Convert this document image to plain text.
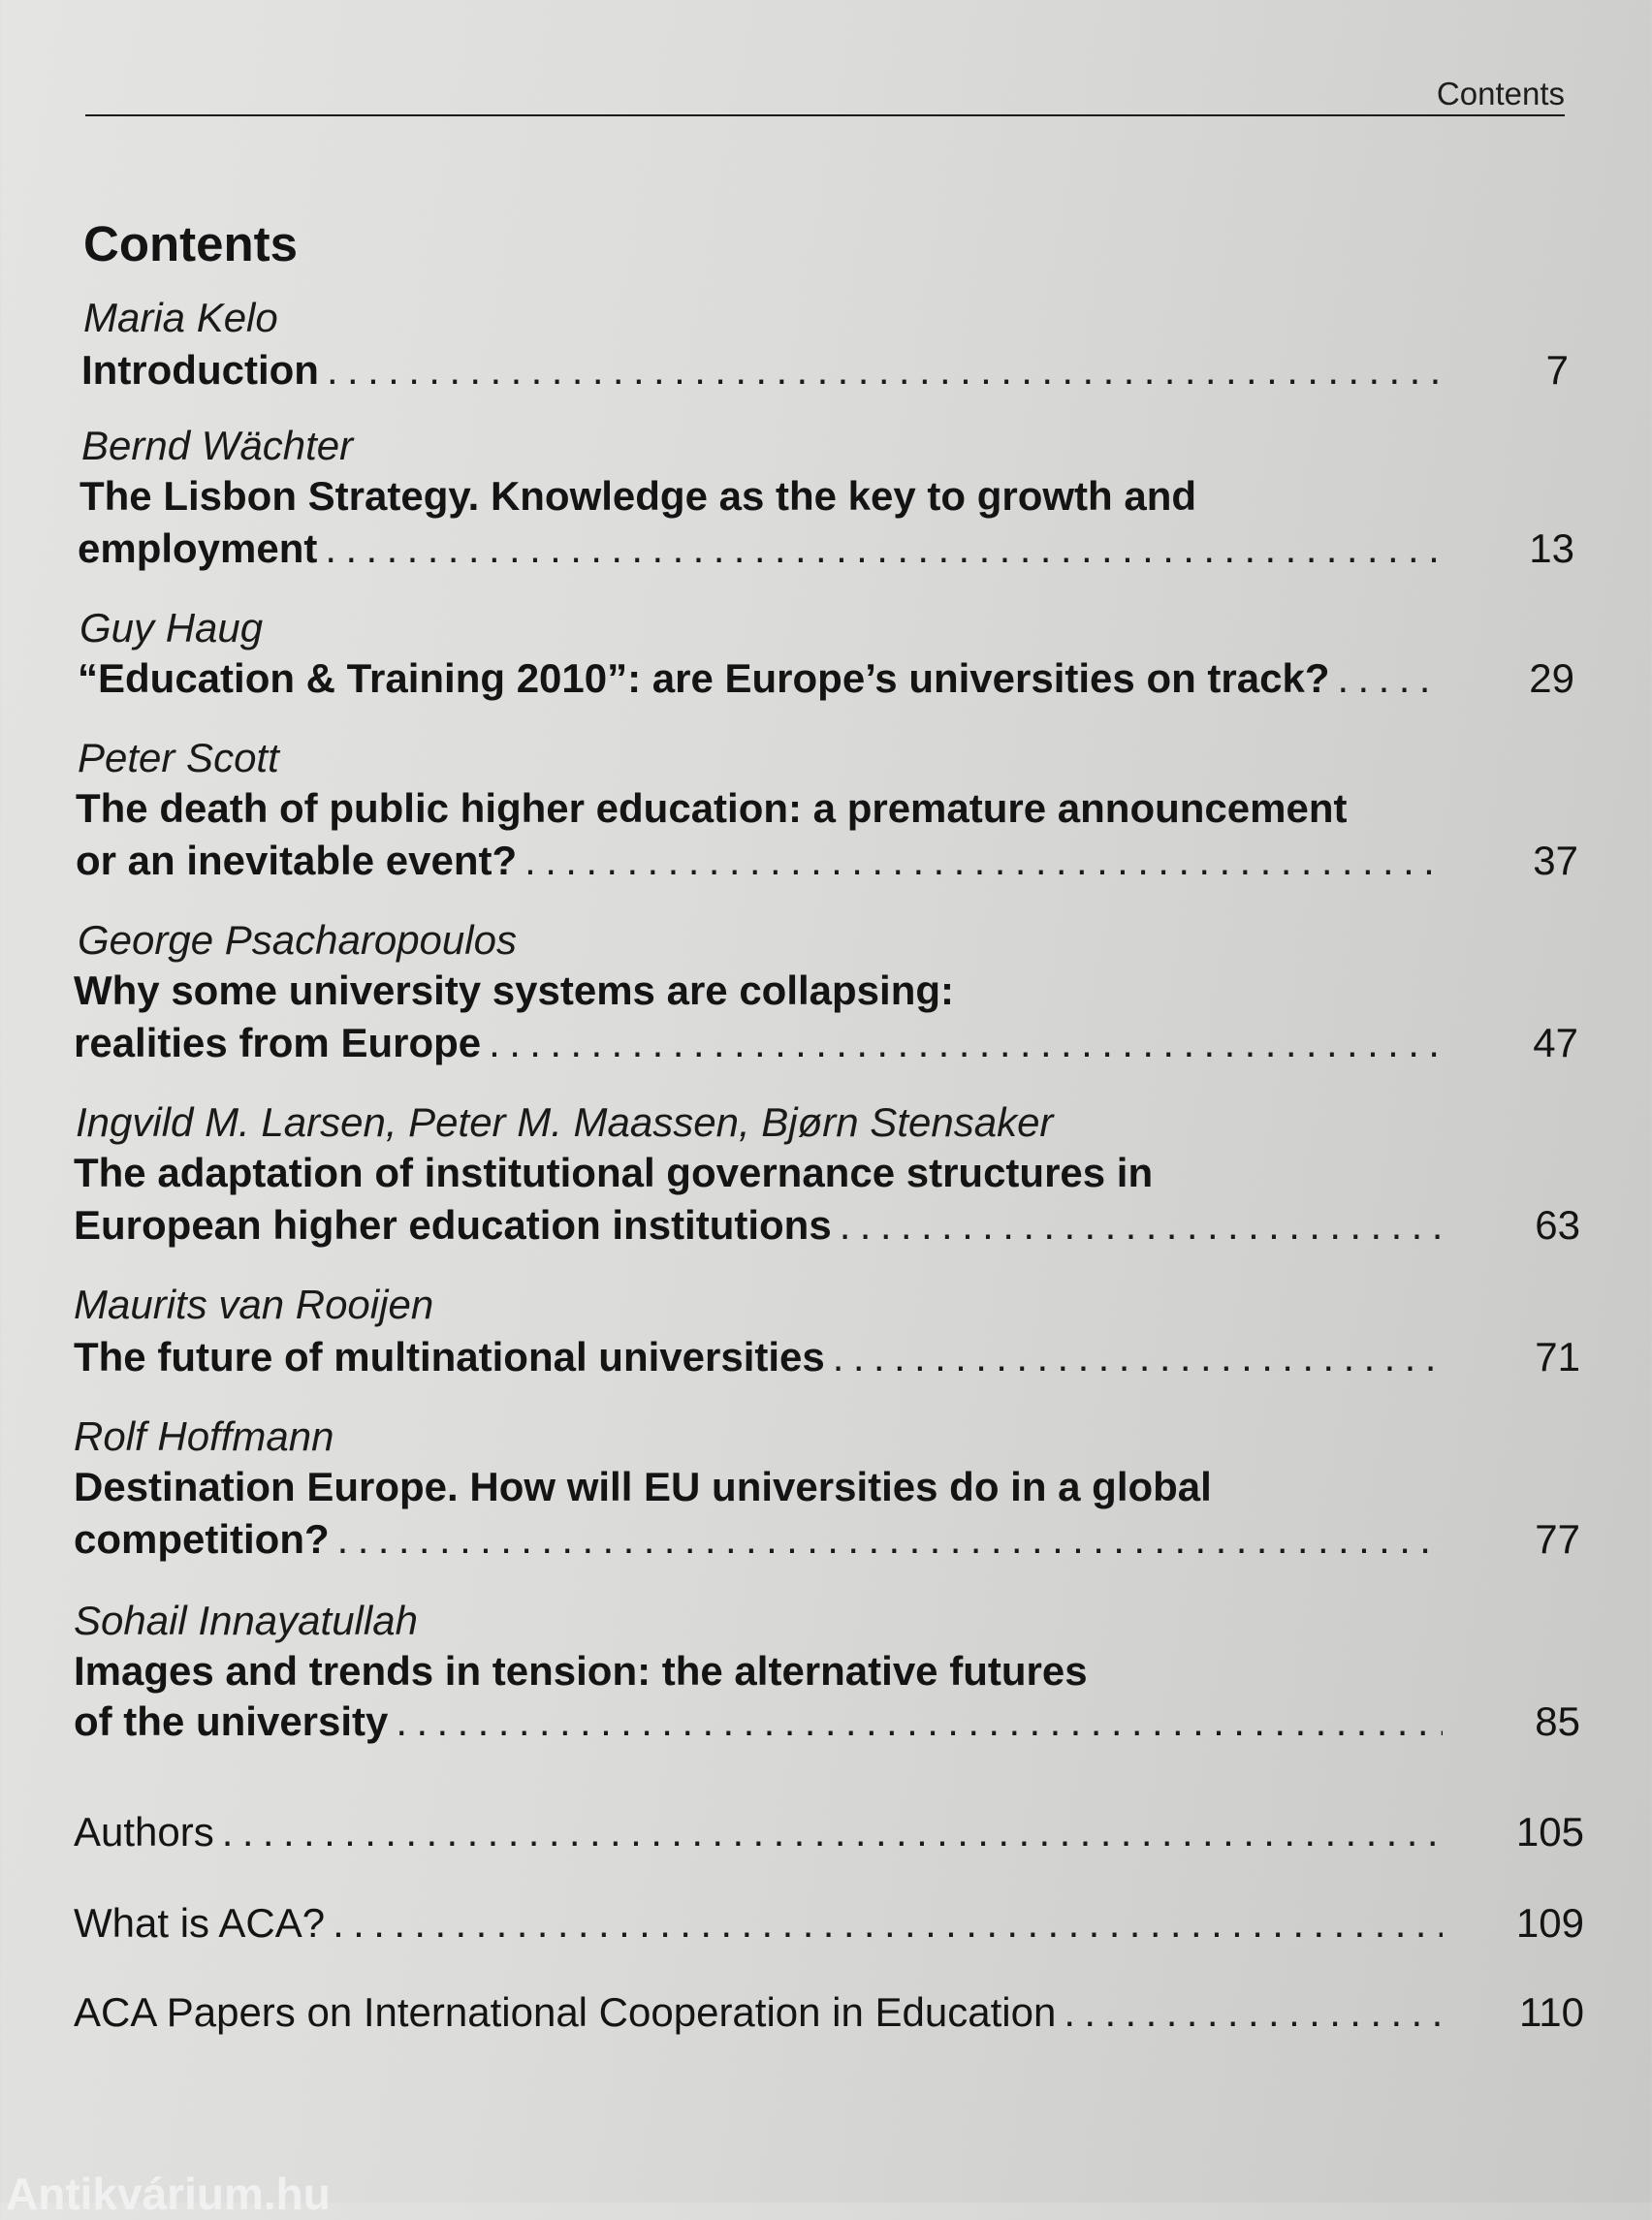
Contents
Contents
Maria Kelo
Introduction .....	7
Bernd Wächter
The Lisbon Strategy. Knowledge as the key to growth and
employment .....	13
Guy Haug
“Education & Training 2010”: are Europe’s universities on track? .....	29
Peter Scott
The death of public higher education: a premature announcement
or an inevitable event? .....	37
George Psacharopoulos
Why some university systems are collapsing:
realities from Europe .....	47
Ingvild M. Larsen, Peter M. Maassen, Bjørn Stensaker
The adaptation of institutional governance structures in
European higher education institutions .....	63
Maurits van Rooijen
The future of multinational universities .....	71
Rolf Hoffmann
Destination Europe. How will EU universities do in a global
competition? .....	77
Sohail Innayatullah
Images and trends in tension: the alternative futures
of the university .....	85
Authors .....	105
What is ACA? .....	109
ACA Papers on International Cooperation in Education .....	110
Antikvárium.hu
